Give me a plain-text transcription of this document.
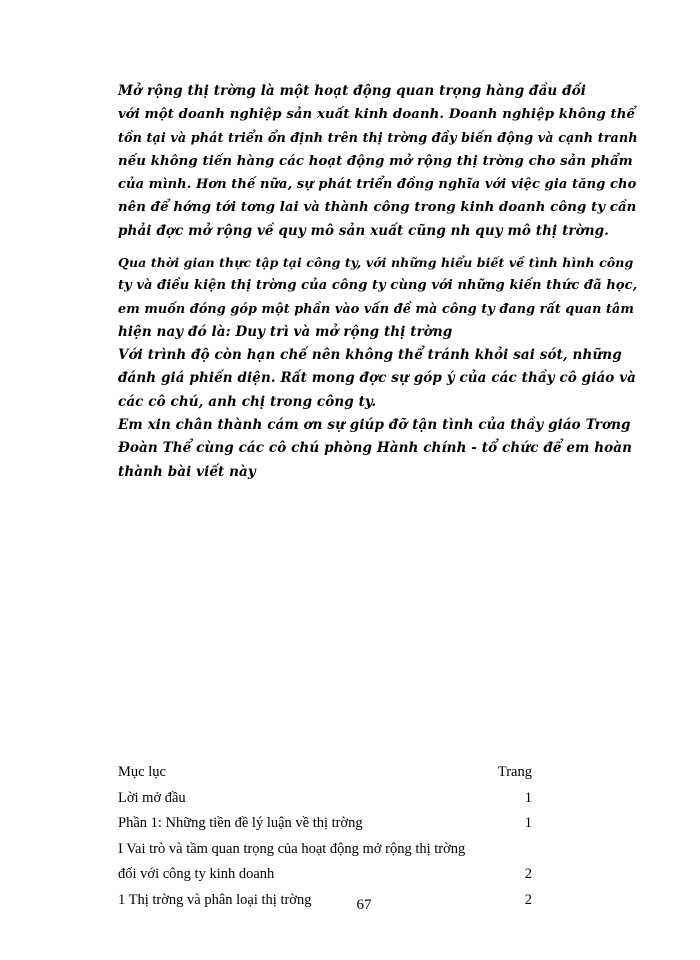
Mở rộng thị trờng là một hoạt động quan trọng hàng đầu đối
với một doanh nghiệp sản xuất kinh doanh. Doanh nghiệp không thể
tồn tại và phát triển ổn định trên thị trờng đầy biến động và cạnh tranh
nếu không tiến hàng các hoạt động mở rộng thị trờng cho sản phẩm
của mình. Hơn thế nữa, sự phát triển đồng nghĩa với việc gia tăng cho
nên để hớng tới tơng lai và thành công trong kinh doanh công ty cần
phải đợc mở rộng về quy mô sản xuất cũng nh quy mô thị trờng.
Qua thời gian thực tập tại công ty, với những hiểu biết về tình hình công
ty và điều kiện thị trờng của công ty cùng với những kiến thức đã học,
em muốn đóng góp một phần vào vấn đề mà công ty đang rất quan tâm
hiện nay đó là: Duy trì và mở rộng thị trờng
Với trình độ còn hạn chế nên không thể tránh khỏi sai sót, những
đánh giá phiến diện. Rất mong đợc sự góp ý của các thầy cô giáo và
các cô chú, anh chị trong công ty.
Em xin chân thành cám ơn sự giúp đỡ tận tình của thầy giáo Trơng
Đoàn Thể cùng các cô chú phòng Hành chính - tổ chức để em hoàn
thành bài viết này
Mục lục	Trang
Lời mở đầu	1
Phần 1: Những tiền đề lý luận về thị trờng	1
I Vai trò và tầm quan trọng của hoạt động mở rộng thị trờng
đối với công ty kinh doanh	2
1 Thị trờng và phân loại thị trờng	2
67
